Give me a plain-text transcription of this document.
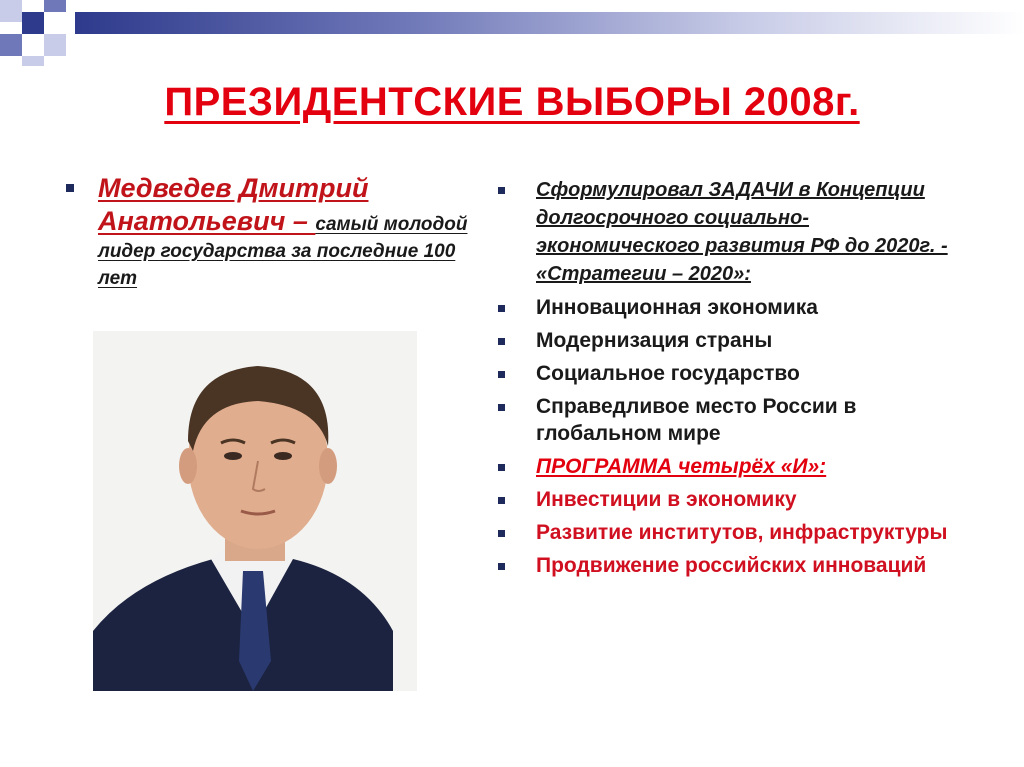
ПРЕЗИДЕНТСКИЕ ВЫБОРЫ 2008г.
Медведев Дмитрий Анатольевич – самый молодой лидер государства за последние 100 лет
Сформулировал ЗАДАЧИ в Концепции долгосрочного социально-экономического развития РФ до 2020г. - «Стратегии – 2020»:
Инновационная экономика
Модернизация страны
Социальное государство
Справедливое место России в глобальном мире
ПРОГРАММА четырёх «И»:
Инвестиции в экономику
Развитие институтов, инфраструктуры
Продвижение российских инноваций
